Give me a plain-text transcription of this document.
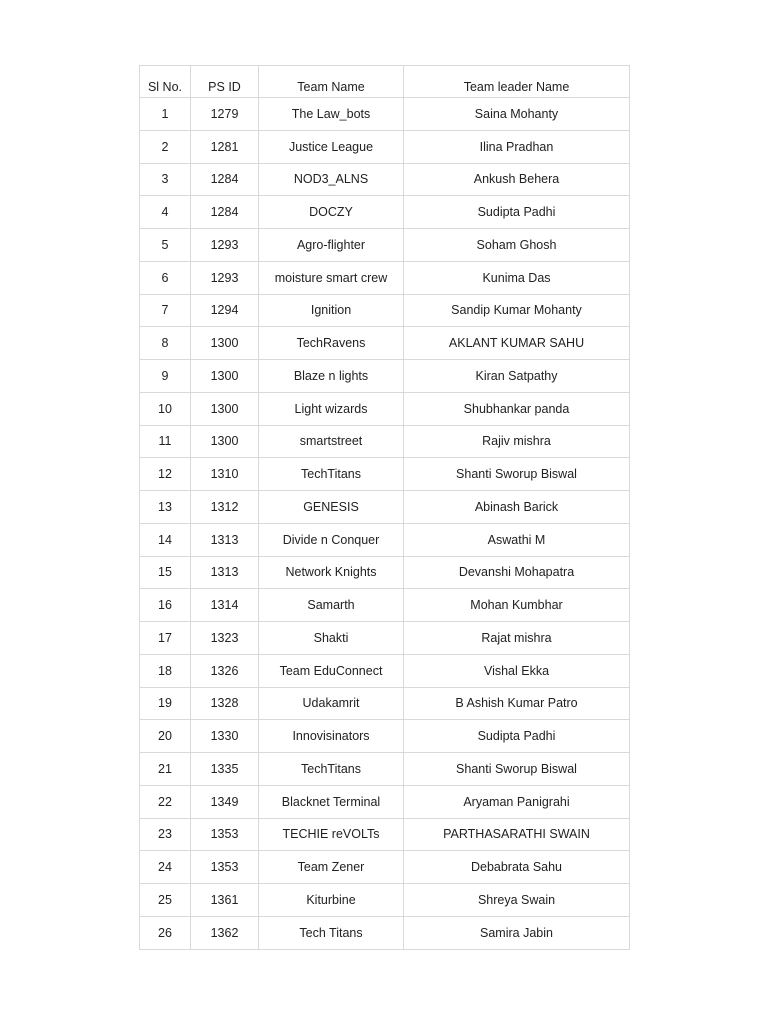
Sl No.	PS ID	Team Name	Team leader Name
1	1279	The Law_bots	Saina Mohanty
2	1281	Justice League	Ilina Pradhan
3	1284	NOD3_ALNS	Ankush Behera
4	1284	DOCZY	Sudipta Padhi
5	1293	Agro-flighter	Soham Ghosh
6	1293	moisture smart crew	Kunima Das
7	1294	Ignition	Sandip Kumar Mohanty
8	1300	TechRavens	AKLANT KUMAR SAHU
9	1300	Blaze n lights	Kiran Satpathy
10	1300	Light wizards	Shubhankar panda
11	1300	smartstreet	Rajiv mishra
12	1310	TechTitans	Shanti Sworup Biswal
13	1312	GENESIS	Abinash Barick
14	1313	Divide n Conquer	Aswathi M
15	1313	Network Knights	Devanshi Mohapatra
16	1314	Samarth	Mohan Kumbhar
17	1323	Shakti	Rajat mishra
18	1326	Team EduConnect	Vishal Ekka
19	1328	Udakamrit	B Ashish Kumar Patro
20	1330	Innovisinators	Sudipta Padhi
21	1335	TechTitans	Shanti Sworup Biswal
22	1349	Blacknet Terminal	Aryaman Panigrahi
23	1353	TECHIE reVOLTs	PARTHASARATHI SWAIN
24	1353	Team Zener	Debabrata Sahu
25	1361	Kiturbine	Shreya Swain
26	1362	Tech Titans	Samira Jabin
